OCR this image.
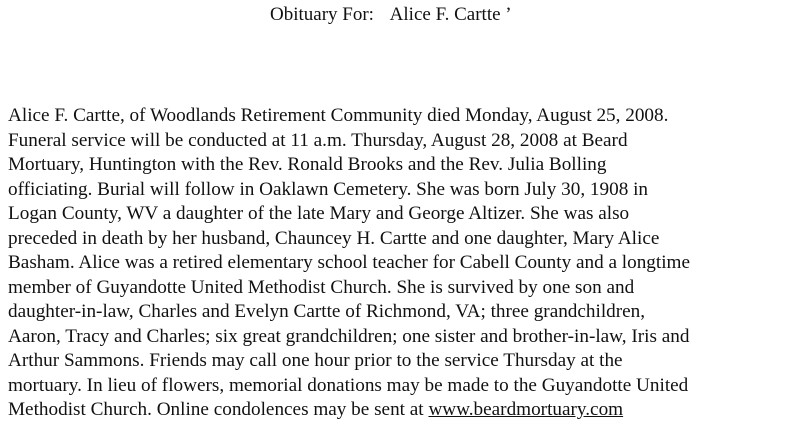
Obituary For: Alice F. Cartte ’
Alice F. Cartte, of Woodlands Retirement Community died Monday, August 25, 2008.
Funeral service will be conducted at 11 a.m. Thursday, August 28, 2008 at Beard
Mortuary, Huntington with the Rev. Ronald Brooks and the Rev. Julia Bolling
officiating. Burial will follow in Oaklawn Cemetery. She was born July 30, 1908 in
Logan County, WV a daughter of the late Mary and George Altizer. She was also
preceded in death by her husband, Chauncey H. Cartte and one daughter, Mary Alice
Basham. Alice was a retired elementary school teacher for Cabell County and a longtime
member of Guyandotte United Methodist Church. She is survived by one son and
daughter-in-law, Charles and Evelyn Cartte of Richmond, VA; three grandchildren,
Aaron, Tracy and Charles; six great grandchildren; one sister and brother-in-law, Iris and
Arthur Sammons. Friends may call one hour prior to the service Thursday at the
mortuary. In lieu of flowers, memorial donations may be made to the Guyandotte United
Methodist Church. Online condolences may be sent at www.beardmortuary.com
